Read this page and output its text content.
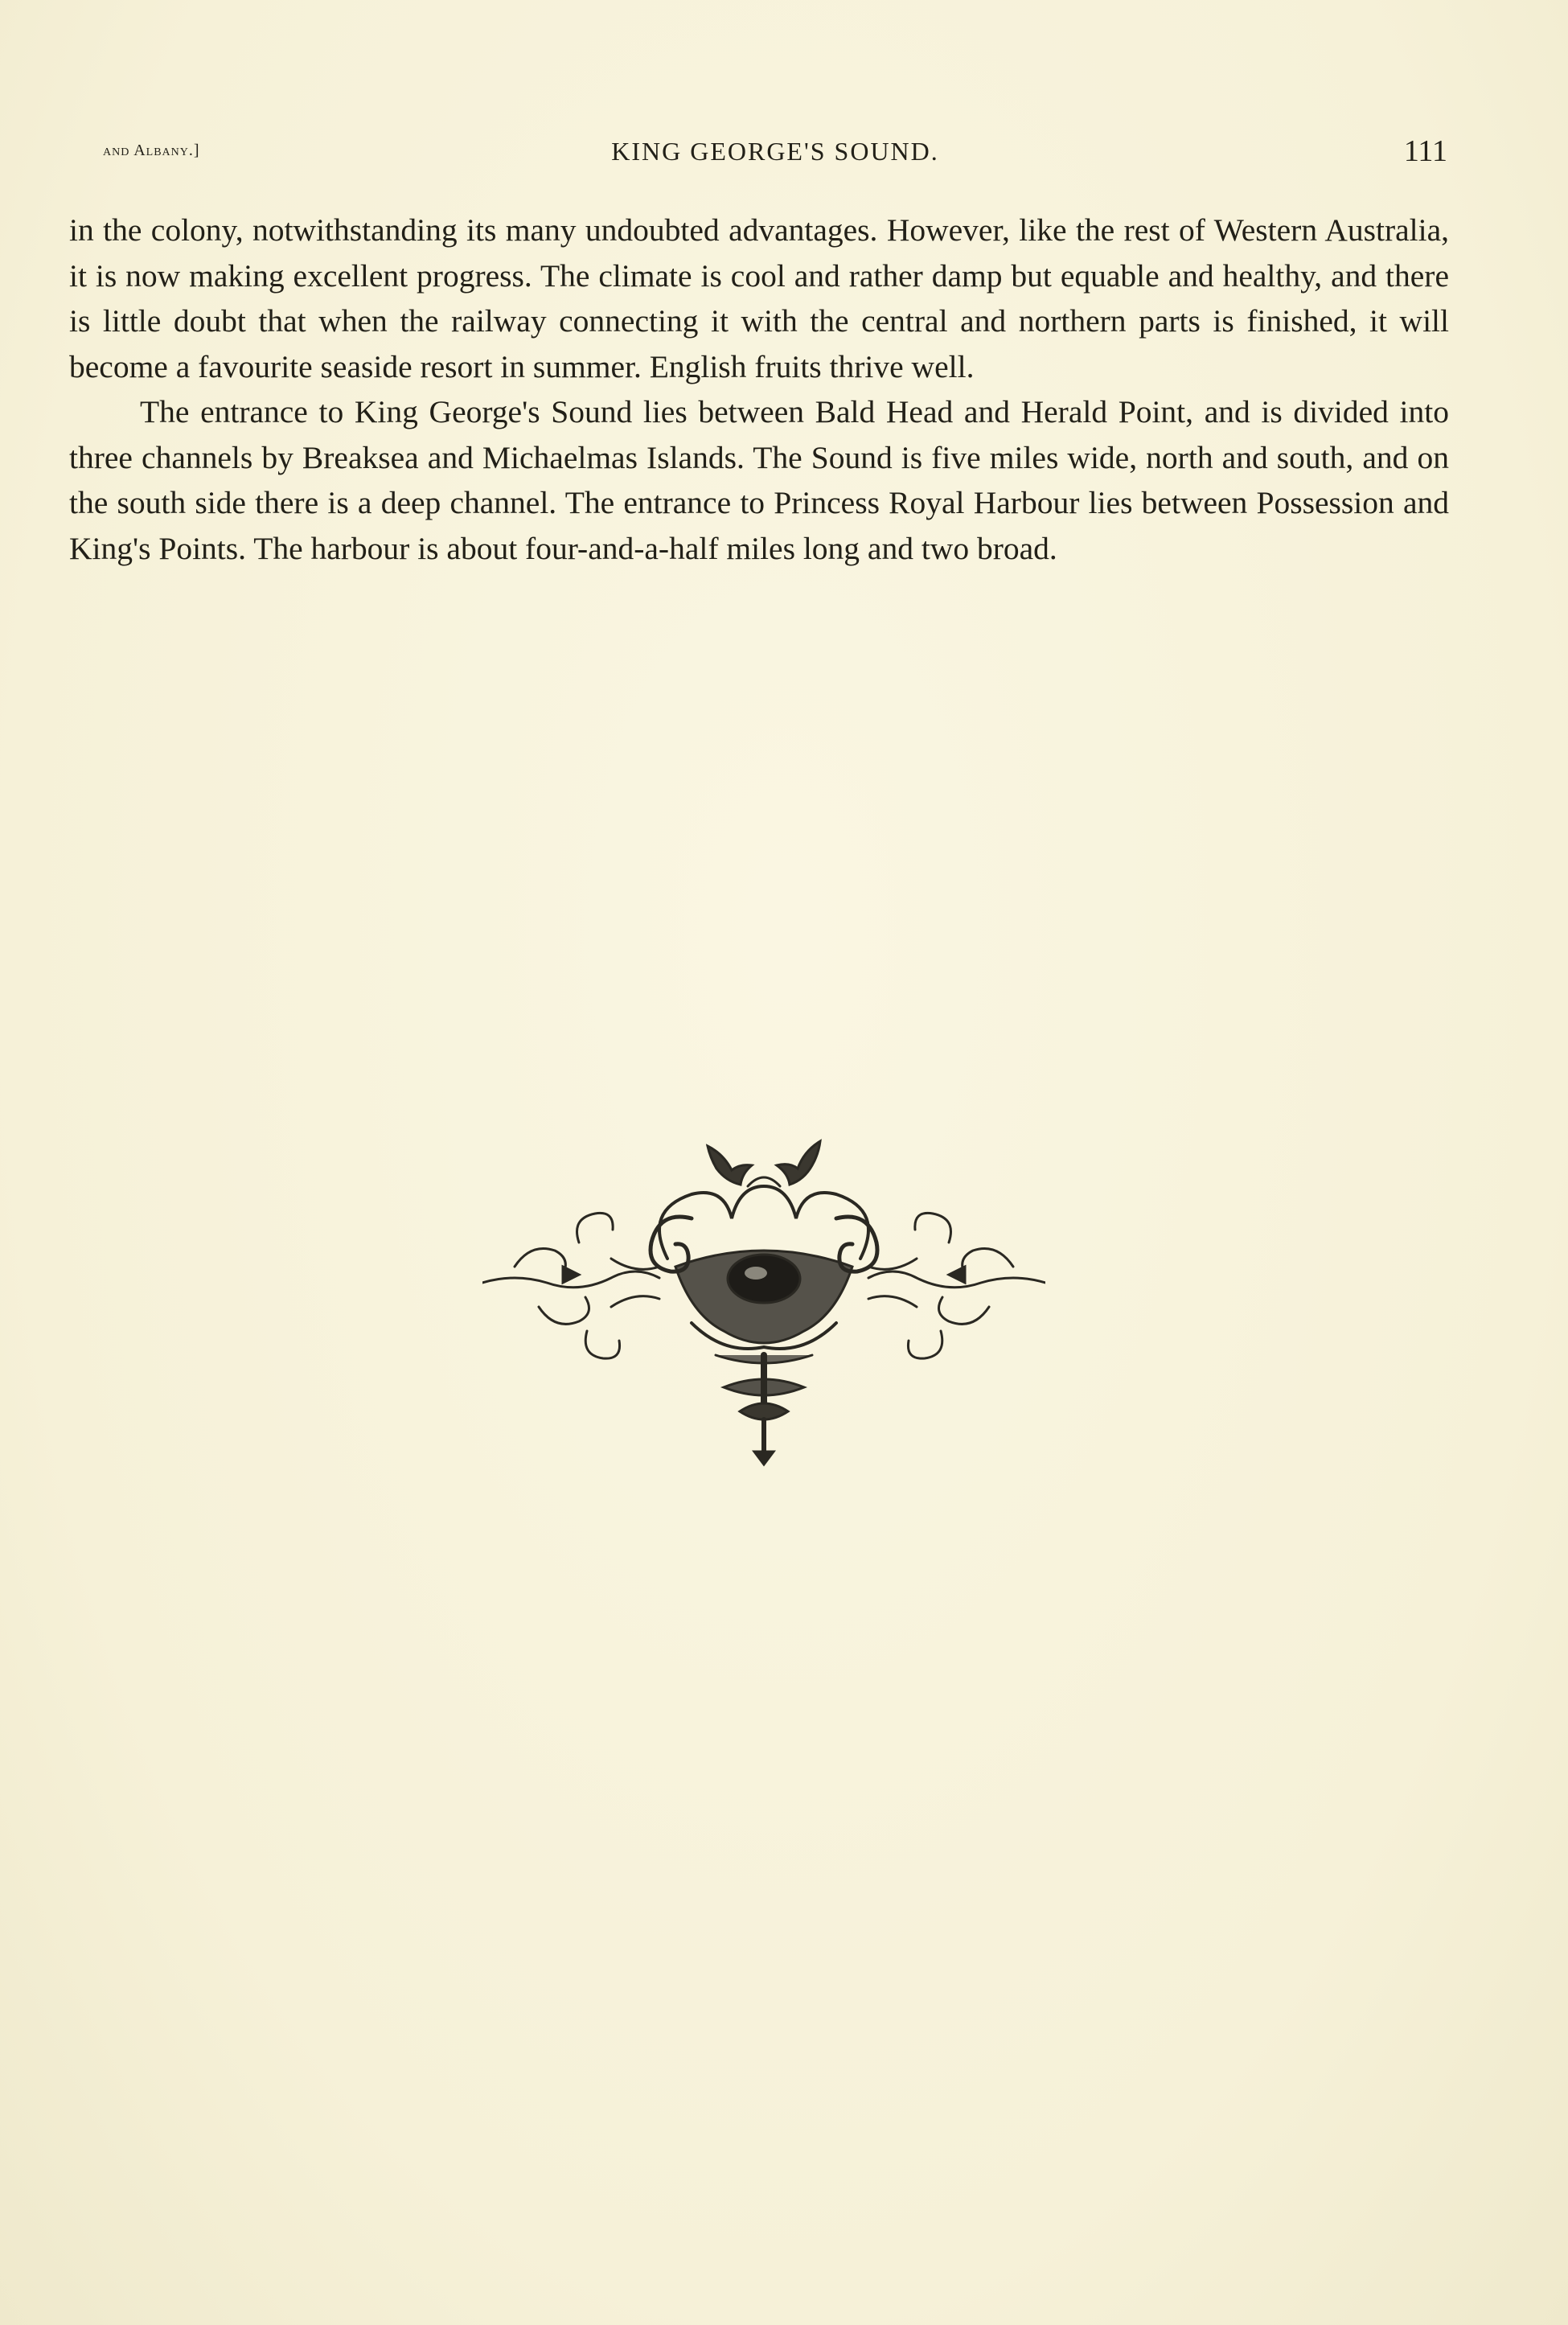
and Albany.]	KING GEORGE'S SOUND.	111

in the colony, notwithstanding its many undoubted advantages. However, like the rest of Western Australia, it is now making excellent progress. The climate is cool and rather damp but equable and healthy, and there is little doubt that when the railway connecting it with the central and northern parts is finished, it will become a favourite seaside resort in summer. English fruits thrive well.

The entrance to King George's Sound lies between Bald Head and Herald Point, and is divided into three channels by Breaksea and Michaelmas Islands. The Sound is five miles wide, north and south, and on the south side there is a deep channel. The entrance to Princess Royal Harbour lies between Possession and King's Points. The harbour is about four-and-a-half miles long and two broad.
